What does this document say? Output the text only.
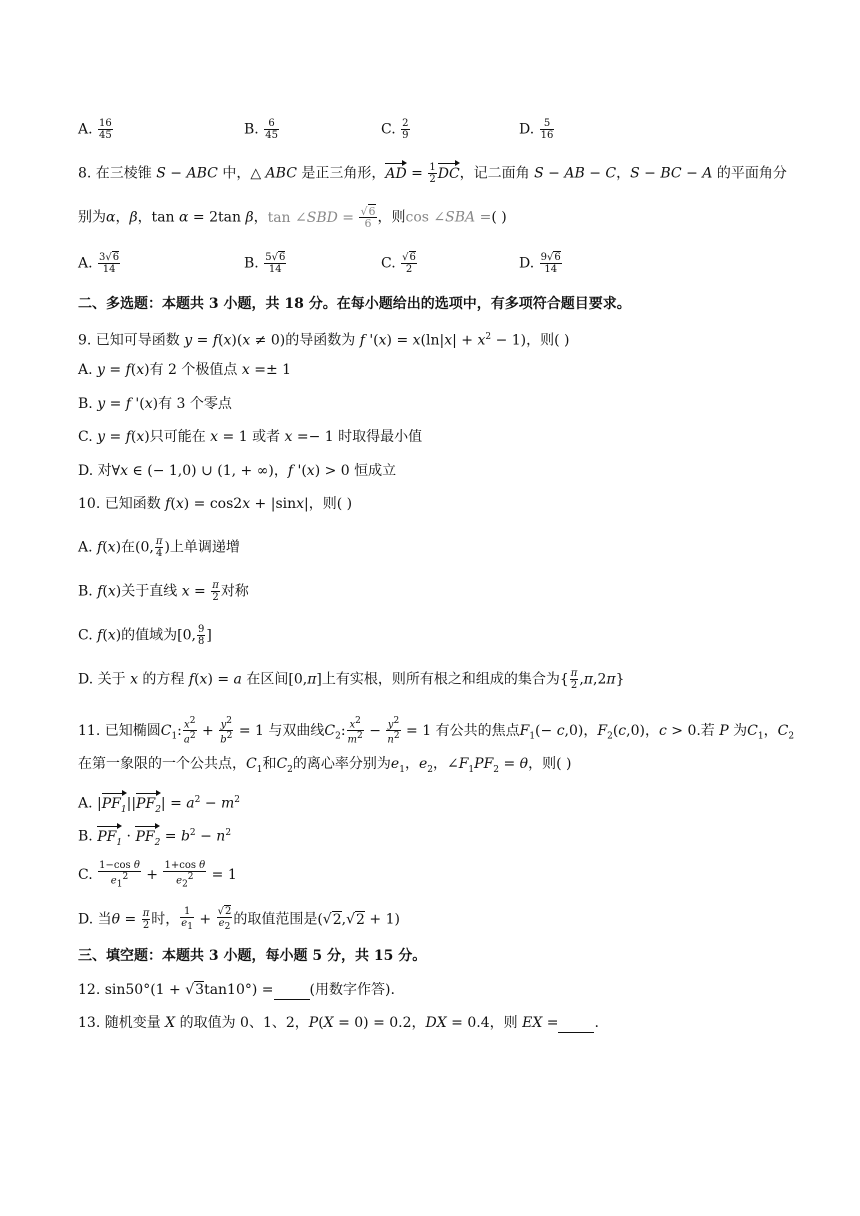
A. $\frac{16}{45}$	B. $\frac{6}{45}$	C. $\frac{2}{9}$	D. $\frac{5}{16}$
8. 在三棱锥 S − ABC 中，△ ABC 是正三角形，AD = $\frac{1}{2}$ DC，记二面角 S − AB − C，S − BC − A 的平面角分
别为α，β，tan α = 2tan β，tan ∠SBD = $\frac{√6}{6}$ ，则cos ∠SBA =( )
A. $\frac{3√6}{14}$	B. $\frac{5√6}{14}$	C. $\frac{√6}{2}$	D. $\frac{9√6}{14}$
二、多选题：本题共 3 小题，共 18 分。在每小题给出的选项中，有多项符合题目要求。
9. 已知可导函数 y = f(x)(x ≠ 0)的导函数为 f '$(x) = x(\ln|x| + x^2 - 1)$，则( )
A. y = f(x)有 2 个极值点 x =± 1
B. y = f '(x)有 3 个零点
C. y = f(x)只可能在 x = 1 或者 x =− 1 时取得最小值
D. 对∀x ∈ (− 1,0) ∪ (1, + ∞)，f '(x) > 0 恒成立
10. 已知函数 f(x) = cos2x + |sinx|，则( )
A. f(x)在(0, $\frac{\pi}{4}$ )上单调递增
B. f(x)关于直线 $x = \frac{\pi}{2}$ 对称
C. f(x)的值域为[0, $\frac{9}{8}$ ]
D. 关于 x 的方程 f(x) = a 在区间[0,π]上有实根，则所有根之和组成的集合为{ $\frac{\pi}{2} ,\pi,2\pi$}
11. 已知椭圆$C_1$: $\frac{x^2}{a^2} + \frac{y^2}{b^2} = 1$ 与双曲线$C_2$: $\frac{x^2}{m^2} - \frac{y^2}{n^2} = 1$ 有公共的焦点$F_1(- c,0)$，$F_2(c,0)$，c > 0.若 P 为$C_1$，$C_2$
在第一象限的一个公共点，$C_1$和$C_2$的离心率分别为$e_1$，$e_2$，$\angle F_1PF_2 = \theta$，则( )
A. $|PF_1||PF_2| = a^2 - m^2$
B. $PF_1 \cdot PF_2 = b^2 - n^2$
C. $\frac{\text{1−cos θ}}{e_1^2} + \frac{\text{1+cos θ}}{e_2^2} = 1$
D. 当$\theta = \frac{\pi}{2}$ 时， $\frac{1}{e_1} + \frac{√2}{e_2}$ 的取值范围是(√2,√2 + 1)
三、填空题：本题共 3 小题，每小题 5 分，共 15 分。
12. sin50°(1 + √3tan10°) =	(用数字作答).
13. 随机变量 X 的取值为 0、1、2，P(X = 0) = 0.2，DX = 0.4，则 EX =	.
